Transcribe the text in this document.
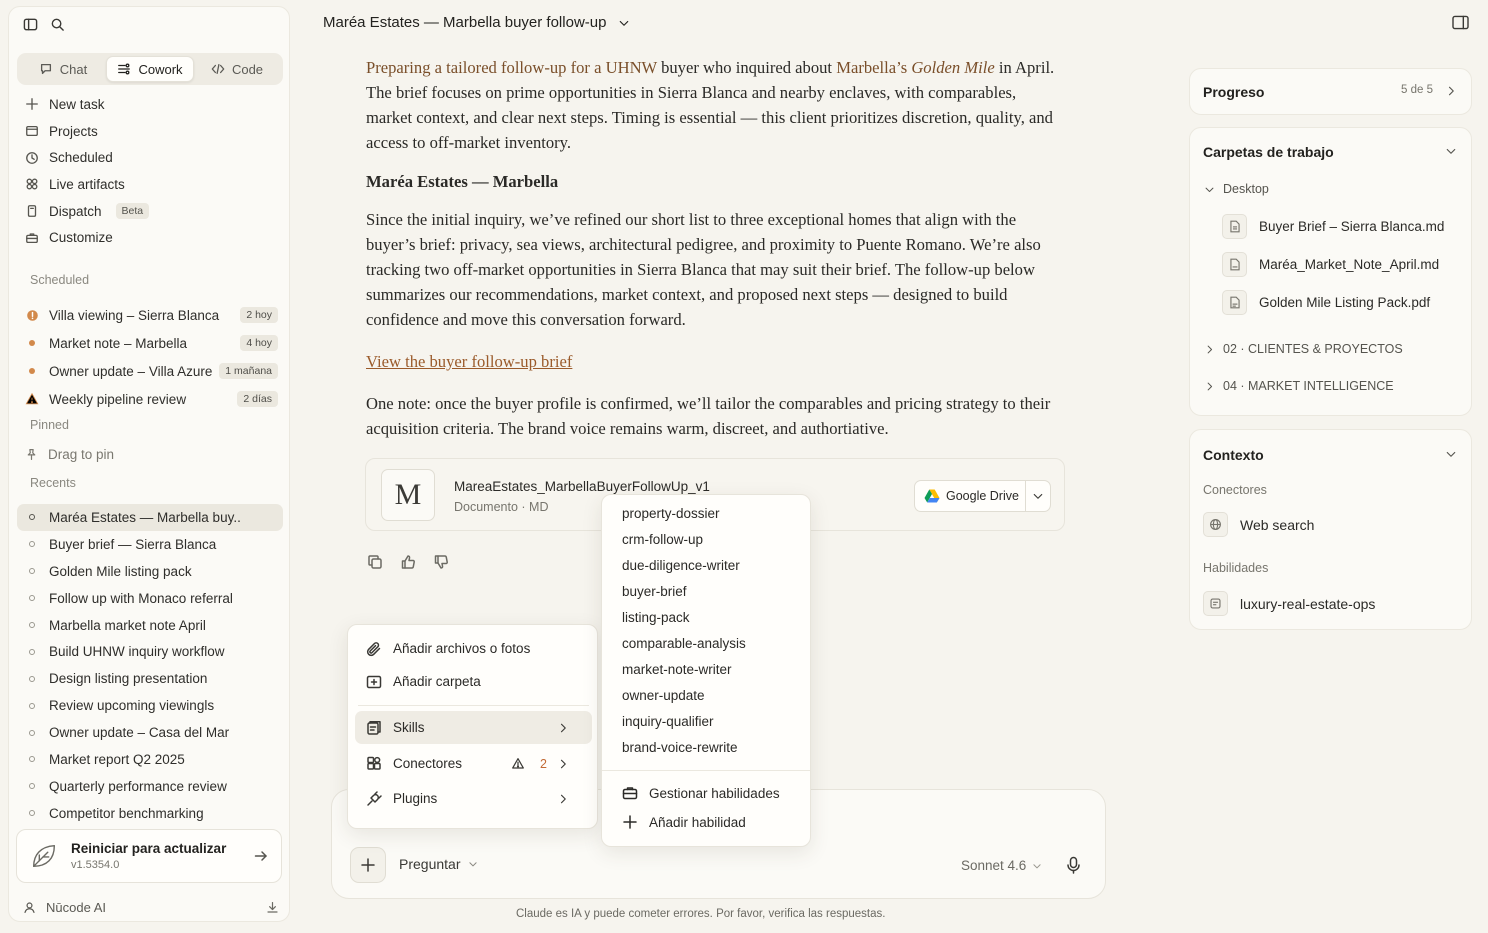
Chat	Cowork	Code
New task
Projects
Scheduled
Live artifacts
Dispatch	Beta
Customize
Scheduled
Villa viewing – Sierra Blanca	2 hoy
Market note – Marbella	4 hoy
Owner update – Villa Azure	1 mañana
Weekly pipeline review	2 días
Pinned
Drag to pin
Recents
Maréa Estates — Marbella buy..
Buyer brief — Sierra Blanca
Golden Mile listing pack
Follow up with Monaco referral
Marbella market note April
Build UHNW inquiry workflow
Design listing presentation
Review upcoming viewingls
Owner update – Casa del Mar
Market report Q2 2025
Quarterly performance review
Competitor benchmarking
Reiniciar para actualizar
v1.5354.0
Nūcode AI
Maréa Estates — Marbella buyer follow-up

Preparing a tailored follow-up for a UHNW buyer who inquired about Marbella’s Golden Mile in April. The brief focuses on prime opportunities in Sierra Blanca and nearby enclaves, with comparables, market context, and clear next steps. Timing is essential — this client prioritizes discretion, quality, and access to off-market inventory.

Maréa Estates — Marbella

Since the initial inquiry, we’ve refined our short list to three exceptional homes that align with the buyer’s brief: privacy, sea views, architectural pedigree, and proximity to Puente Romano. We’re also tracking two off-market opportunities in Sierra Blanca that may suit their brief. The follow-up below summarizes our recommendations, market context, and proposed next steps — designed to build confidence and move this conversation forward.

View the buyer follow-up brief

One note: once the buyer profile is confirmed, we’ll tailor the comparables and pricing strategy to their acquisition criteria. The brand voice remains warm, discreet, and authortiative.

M	MareaEstates_MarbellaBuyerFollowUp_v1
Documento · MD
Google Drive
Preguntar	Sonnet 4.6
Claude es IA y puede cometer errores. Por favor, verifica las respuestas.
Añadir archivos o fotos
Añadir carpeta
Skills
Conectores	2
Plugins
property-dossier
crm-follow-up
due-diligence-writer
buyer-brief
listing-pack
comparable-analysis
market-note-writer
owner-update
inquiry-qualifier
brand-voice-rewrite
Gestionar habilidades
Añadir habilidad
Progreso	5 de 5
Carpetas de trabajo
Desktop
Buyer Brief – Sierra Blanca.md
Maréa_Market_Note_April.md
Golden Mile Listing Pack.pdf
02 · CLIENTES & PROYECTOS
04 · MARKET INTELLIGENCE
Contexto
Conectores
Web search
Habilidades
luxury-real-estate-ops
